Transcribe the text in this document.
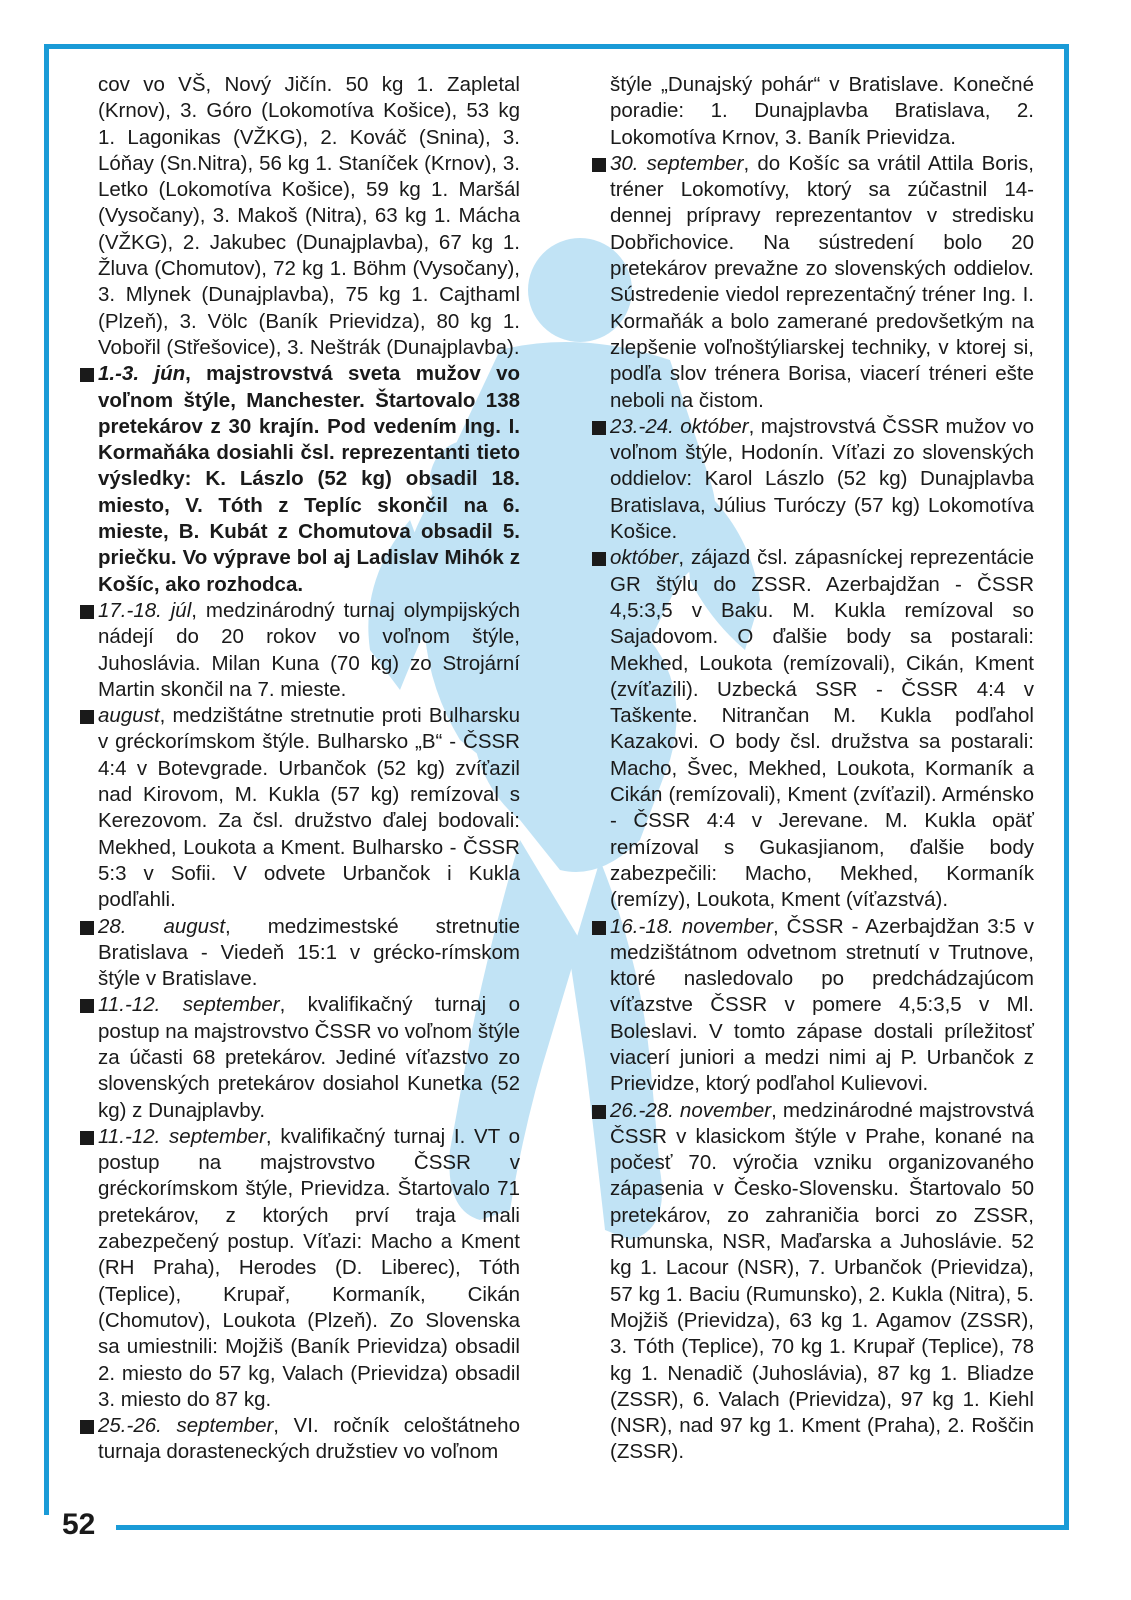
52

cov vo VŠ, Nový Jičín. 50 kg 1. Zapletal (Krnov), 3. Góro (Lokomotíva Košice), 53 kg 1. Lagonikas (VŽKG), 2. Kováč (Snina), 3. Lóňay (Sn.Nitra), 56 kg 1. Staníček (Krnov), 3. Letko (Lokomotíva Košice), 59 kg 1. Maršál (Vysočany), 3. Makoš (Nitra), 63 kg 1. Mácha (VŽKG), 2. Jakubec (Dunajplavba), 67 kg 1. Žluva (Chomutov), 72 kg 1. Böhm (Vysočany), 3. Mlynek (Dunajplavba), 75 kg 1. Cajthaml (Plzeň), 3. Völc (Baník Prievidza), 80 kg 1. Vobořil (Střešovice), 3. Neštrák (Dunajplavba).

1.-3. jún, majstrovstvá sveta mužov vo voľnom štýle, Manchester. Štartovalo 138 pretekárov z 30 krajín. Pod vedením Ing. I. Kormaňáka dosiahli čsl. reprezentanti tieto výsledky: K. Lászlo (52 kg) obsadil 18. miesto, V. Tóth z Teplíc skončil na 6. mieste, B. Kubát z Chomutova obsadil 5. priečku. Vo výprave bol aj Ladislav Mihók z Košíc, ako rozhodca.

17.-18. júl, medzinárodný turnaj olympijských nádejí do 20 rokov vo voľnom štýle, Juhoslávia. Milan Kuna (70 kg) zo Strojární Martin skončil na 7. mieste.

august, medzištátne stretnutie proti Bulharsku v gréckorímskom štýle. Bulharsko „B“ - ČSSR 4:4 v Botevgrade. Urbančok (52 kg) zvíťazil nad Kirovom, M. Kukla (57 kg) remízoval s Kerezovom. Za čsl. družstvo ďalej bodovali: Mekhed, Loukota a Kment. Bulharsko - ČSSR 5:3 v Sofii. V odvete Urbančok i Kukla podľahli.

28. august, medzimestské stretnutie Bratislava - Viedeň 15:1 v grécko-rímskom štýle v Bratislave.

11.-12. september, kvalifikačný turnaj o postup na majstrovstvo ČSSR vo voľnom štýle za účasti 68 pretekárov. Jediné víťazstvo zo slovenských pretekárov dosiahol Kunetka (52 kg) z Dunajplavby.

11.-12. september, kvalifikačný turnaj I. VT o postup na majstrovstvo ČSSR v gréckorímskom štýle, Prievidza. Štartovalo 71 pretekárov, z ktorých prví traja mali zabezpečený postup. Víťazi: Macho a Kment (RH Praha), Herodes (D. Liberec), Tóth (Teplice), Krupař, Kormaník, Cikán (Chomutov), Loukota (Plzeň). Zo Slovenska sa umiestnili: Mojžiš (Baník Prievidza) obsadil 2. miesto do 57 kg, Valach (Prievidza) obsadil 3. miesto do 87 kg.

25.-26. september, VI. ročník celoštátneho turnaja dorasteneckých družstiev vo voľnom

štýle „Dunajský pohár“ v Bratislave. Konečné poradie: 1. Dunajplavba Bratislava, 2. Lokomotíva Krnov, 3. Baník Prievidza.

30. september, do Košíc sa vrátil Attila Boris, tréner Lokomotívy, ktorý sa zúčastnil 14-dennej prípravy reprezentantov v stredisku Dobřichovice. Na sústredení bolo 20 pretekárov prevažne zo slovenských oddielov. Sústredenie viedol reprezentačný tréner Ing. I. Kormaňák a bolo zamerané predovšetkým na zlepšenie voľnoštýliarskej techniky, v ktorej si, podľa slov trénera Borisa, viacerí tréneri ešte neboli na čistom.

23.-24. október, majstrovstvá ČSSR mužov vo voľnom štýle, Hodonín. Víťazi zo slovenských oddielov: Karol Lászlo (52 kg) Dunajplavba Bratislava, Július Turóczy (57 kg) Lokomotíva Košice.

október, zájazd čsl. zápasníckej reprezentácie GR štýlu do ZSSR. Azerbajdžan - ČSSR 4,5:3,5 v Baku. M. Kukla remízoval so Sajadovom. O ďalšie body sa postarali: Mekhed, Loukota (remízovali), Cikán, Kment (zvíťazili). Uzbecká SSR - ČSSR 4:4 v Taškente. Nitrančan M. Kukla podľahol Kazakovi. O body čsl. družstva sa postarali: Macho, Švec, Mekhed, Loukota, Kormaník a Cikán (remízovali), Kment (zvíťazil). Arménsko - ČSSR 4:4 v Jerevane. M. Kukla opäť remízoval s Gukasjianom, ďalšie body zabezpečili: Macho, Mekhed, Kormaník (remízy), Loukota, Kment (víťazstvá).

16.-18. november, ČSSR - Azerbajdžan 3:5 v medzištátnom odvetnom stretnutí v Trutnove, ktoré nasledovalo po predchádzajúcom víťazstve ČSSR v pomere 4,5:3,5 v Ml. Boleslavi. V tomto zápase dostali príležitosť viacerí juniori a medzi nimi aj P. Urbančok z Prievidze, ktorý podľahol Kulievovi.

26.-28. november, medzinárodné majstrovstvá ČSSR v klasickom štýle v Prahe, konané na počesť 70. výročia vzniku organizovaného zápasenia v Česko-Slovensku. Štartovalo 50 pretekárov, zo zahraničia borci zo ZSSR, Rumunska, NSR, Maďarska a Juhoslávie. 52 kg 1. Lacour (NSR), 7. Urbančok (Prievidza), 57 kg 1. Baciu (Rumunsko), 2. Kukla (Nitra), 5. Mojžiš (Prievidza), 63 kg 1. Agamov (ZSSR), 3. Tóth (Teplice), 70 kg 1. Krupař (Teplice), 78 kg 1. Nenadič (Juhoslávia), 87 kg 1. Bliadze (ZSSR), 6. Valach (Prievidza), 97 kg 1. Kiehl (NSR), nad 97 kg 1. Kment (Praha), 2. Roščin (ZSSR).
